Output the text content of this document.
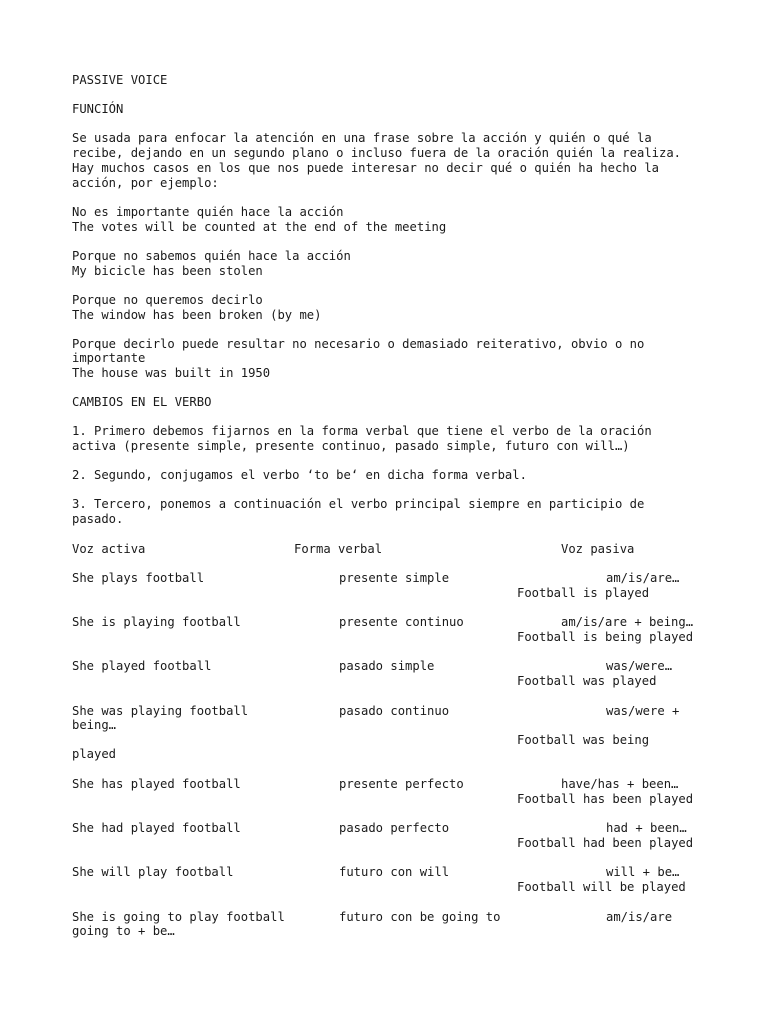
PASSIVE VOICE
FUNCIÓN
Se usada para enfocar la atención en una frase sobre la acción y quién o qué la
recibe, dejando en un segundo plano o incluso fuera de la oración quién la realiza.
Hay muchos casos en los que nos puede interesar no decir qué o quién ha hecho la
acción, por ejemplo:
No es importante quién hace la acción
The votes will be counted at the end of the meeting
Porque no sabemos quién hace la acción
My bicicle has been stolen
Porque no queremos decirlo
The window has been broken (by me)
Porque decirlo puede resultar no necesario o demasiado reiterativo, obvio o no
importante
The house was built in 1950
CAMBIOS EN EL VERBO
1. Primero debemos fijarnos en la forma verbal que tiene el verbo de la oración
activa (presente simple, presente continuo, pasado simple, futuro con will…)
2. Segundo, conjugamos el verbo ‘to be‘ en dicha forma verbal.
3. Tercero, ponemos a continuación el verbo principal siempre en participio de
pasado.
Voz activa	Forma verbal	Voz pasiva
She plays football	presente simple	am/is/are…
Football is played
She is playing football	presente continuo	am/is/are + being…
Football is being played
She played football	pasado simple	was/were…
Football was played
She was playing football	pasado continuo	was/were +
being…
Football was being
played
She has played football	presente perfecto	have/has + been…
Football has been played
She had played football	pasado perfecto	had + been…
Football had been played
She will play football	futuro con will	will + be…
Football will be played
She is going to play football	futuro con be going to	am/is/are
going to + be…
